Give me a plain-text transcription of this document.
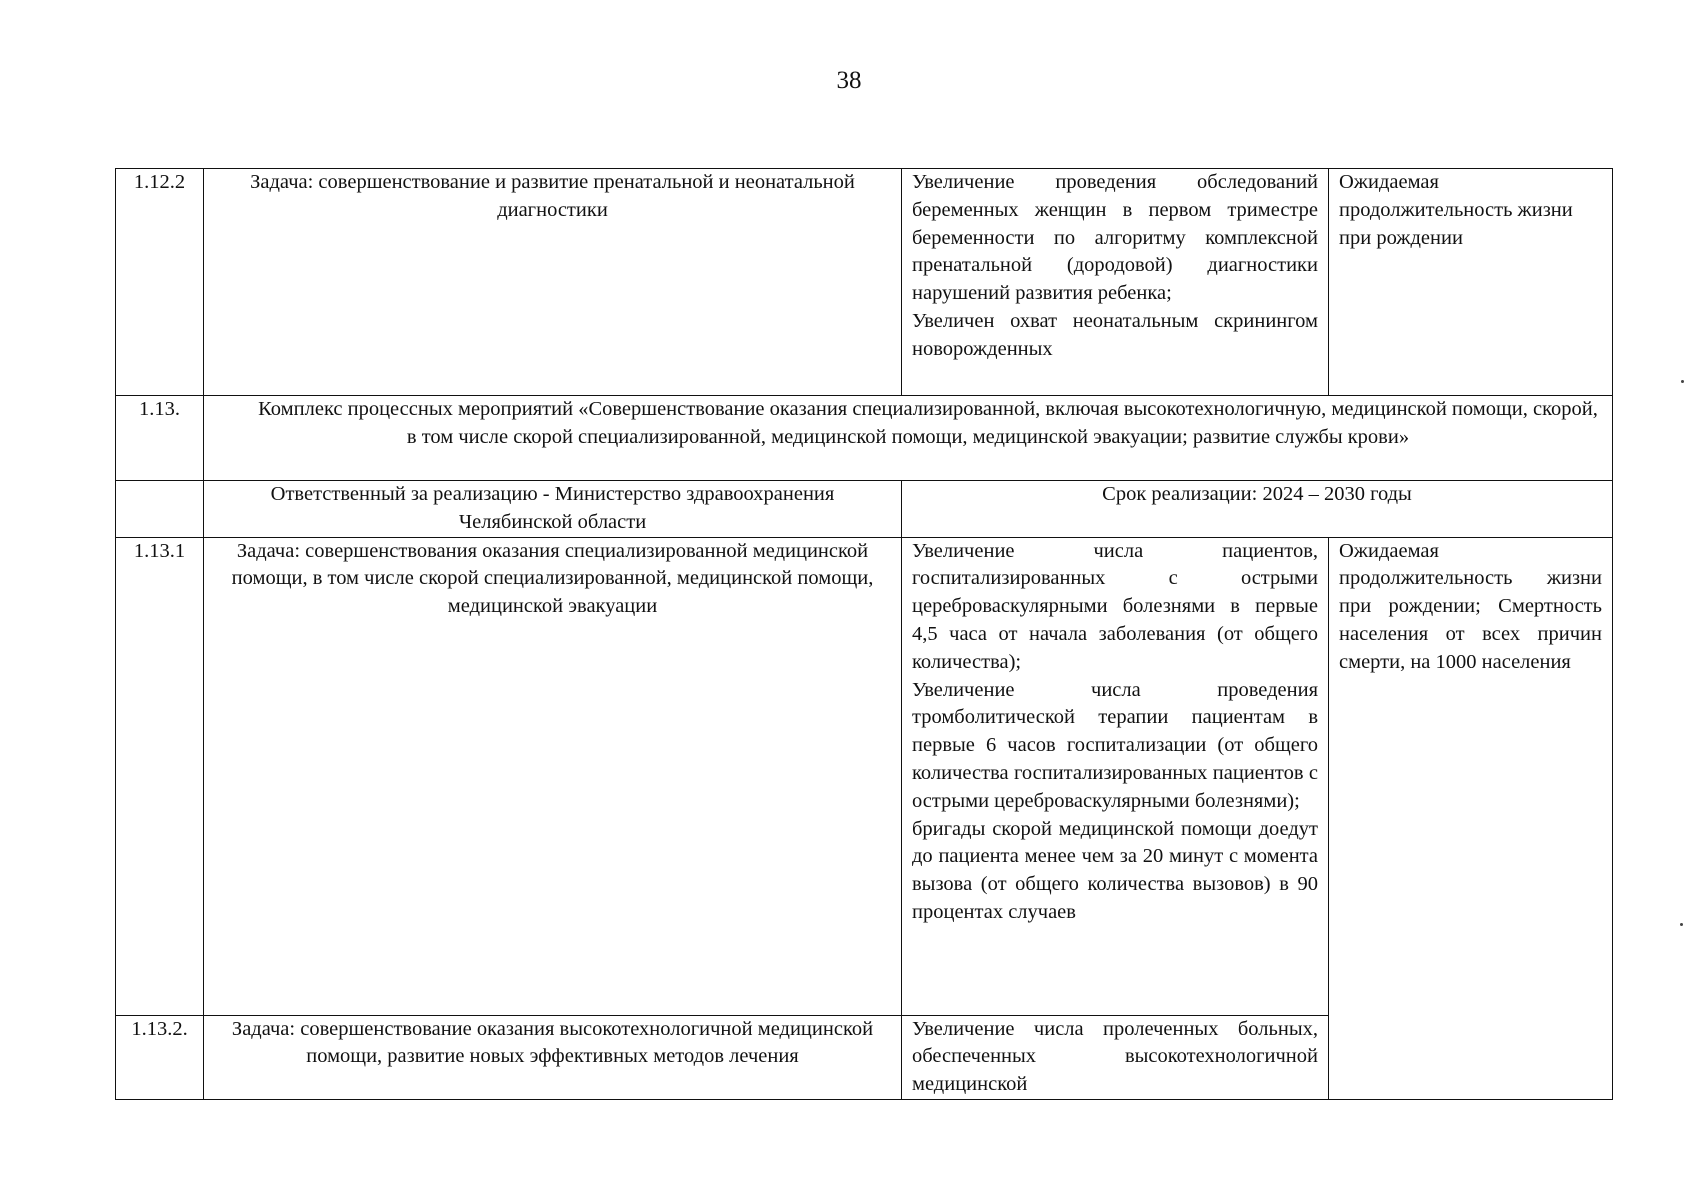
38
1.12.2	Задача: совершенствование и развитие пренатальной и неонатальной диагностики	Увеличение проведения обследований беременных женщин в первом триместре беременности по алгоритму комплексной пренатальной (дородовой) диагностики нарушений развития ребенка;
Увеличен охват неонатальным скринингом новорожденных	Ожидаемая продолжительность жизни при рождении
1.13.	Комплекс процессных мероприятий «Совершенствование оказания специализированной, включая высокотехнологичную, медицинской помощи, скорой, в том числе скорой специализированной, медицинской помощи, медицинской эвакуации; развитие службы крови»		
	Ответственный за реализацию - Министерство здравоохранения Челябинской области	Срок реализации: 2024 – 2030 годы	
1.13.1	Задача: совершенствования оказания специализированной медицинской помощи, в том числе скорой специализированной, медицинской помощи, медицинской эвакуации	Увеличение числа пациентов, госпитализированных с острыми цереброваскулярными болезнями в первые 4,5 часа от начала заболевания (от общего количества);
Увеличение числа проведения тромболитической терапии пациентам в первые 6 часов госпитализации (от общего количества госпитализированных пациентов с острыми цереброваскулярными болезнями);
бригады скорой медицинской помощи доедут до пациента менее чем за 20 минут с момента вызова (от общего количества вызовов) в 90 процентах случаев	Ожидаемая продолжительность жизни при рождении; Смертность населения от всех причин смерти, на 1000 населения
1.13.2.	Задача: совершенствование оказания высокотехнологичной медицинской помощи, развитие новых эффективных методов лечения	Увеличение числа пролеченных больных, обеспеченных высокотехнологичной медицинской	
